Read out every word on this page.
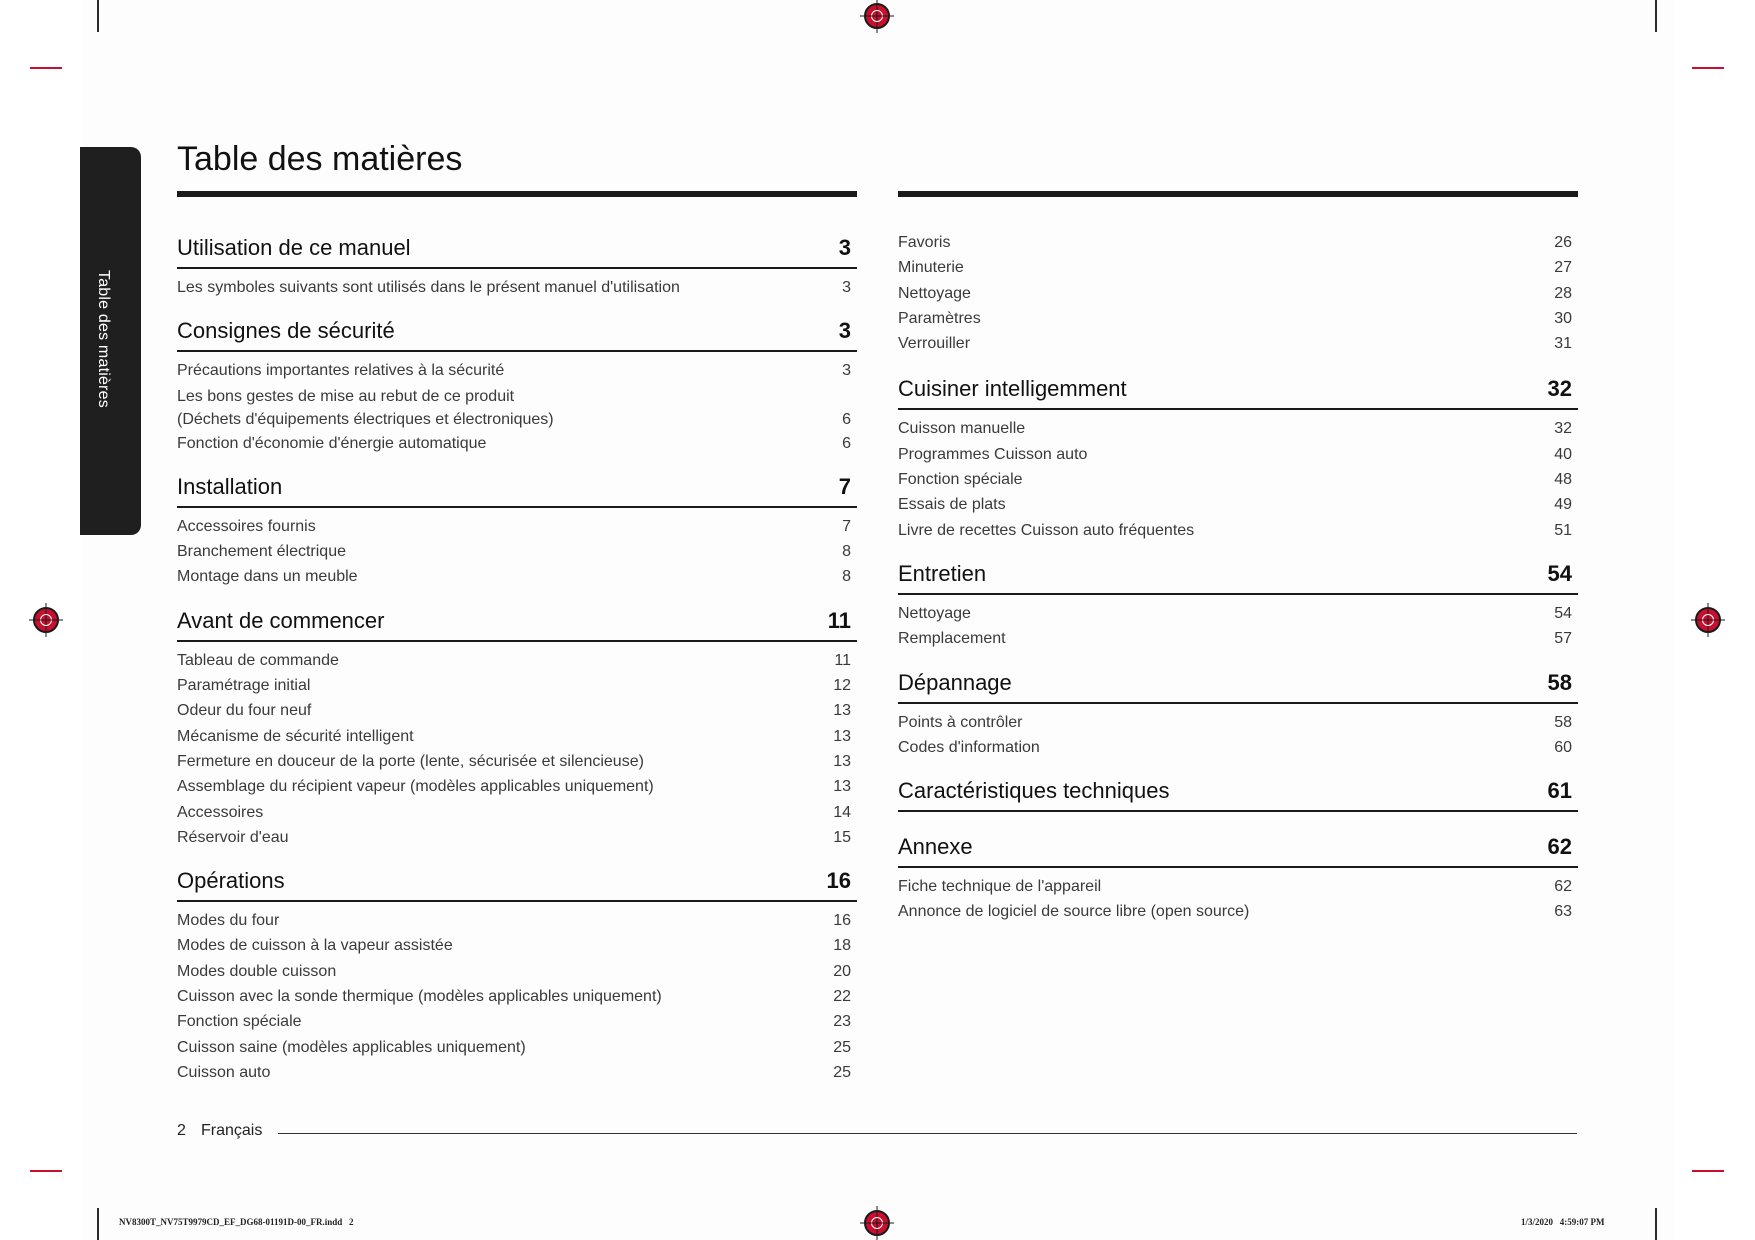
Table des matières
Table des matières
Utilisation de ce manuel	3
Les symboles suivants sont utilisés dans le présent manuel d'utilisation	3
Consignes de sécurité	3
Précautions importantes relatives à la sécurité	3
Les bons gestes de mise au rebut de ce produit
(Déchets d'équipements électriques et électroniques)	6
Fonction d'économie d'énergie automatique	6
Installation	7
Accessoires fournis	7
Branchement électrique	8
Montage dans un meuble	8
Avant de commencer	11
Tableau de commande	11
Paramétrage initial	12
Odeur du four neuf	13
Mécanisme de sécurité intelligent	13
Fermeture en douceur de la porte (lente, sécurisée et silencieuse)	13
Assemblage du récipient vapeur (modèles applicables uniquement)	13
Accessoires	14
Réservoir d'eau	15
Opérations	16
Modes du four	16
Modes de cuisson à la vapeur assistée	18
Modes double cuisson	20
Cuisson avec la sonde thermique (modèles applicables uniquement)	22
Fonction spéciale	23
Cuisson saine (modèles applicables uniquement)	25
Cuisson auto	25
Favoris	26
Minuterie	27
Nettoyage	28
Paramètres	30
Verrouiller	31
Cuisiner intelligemment	32
Cuisson manuelle	32
Programmes Cuisson auto	40
Fonction spéciale	48
Essais de plats	49
Livre de recettes Cuisson auto fréquentes	51
Entretien	54
Nettoyage	54
Remplacement	57
Dépannage	58
Points à contrôler	58
Codes d'information	60
Caractéristiques techniques	61
Annexe	62
Fiche technique de l'appareil	62
Annonce de logiciel de source libre (open source)	63
2 Français
NV8300T_NV75T9979CD_EF_DG68-01191D-00_FR.indd   2	1/3/2020   4:59:07 PM
